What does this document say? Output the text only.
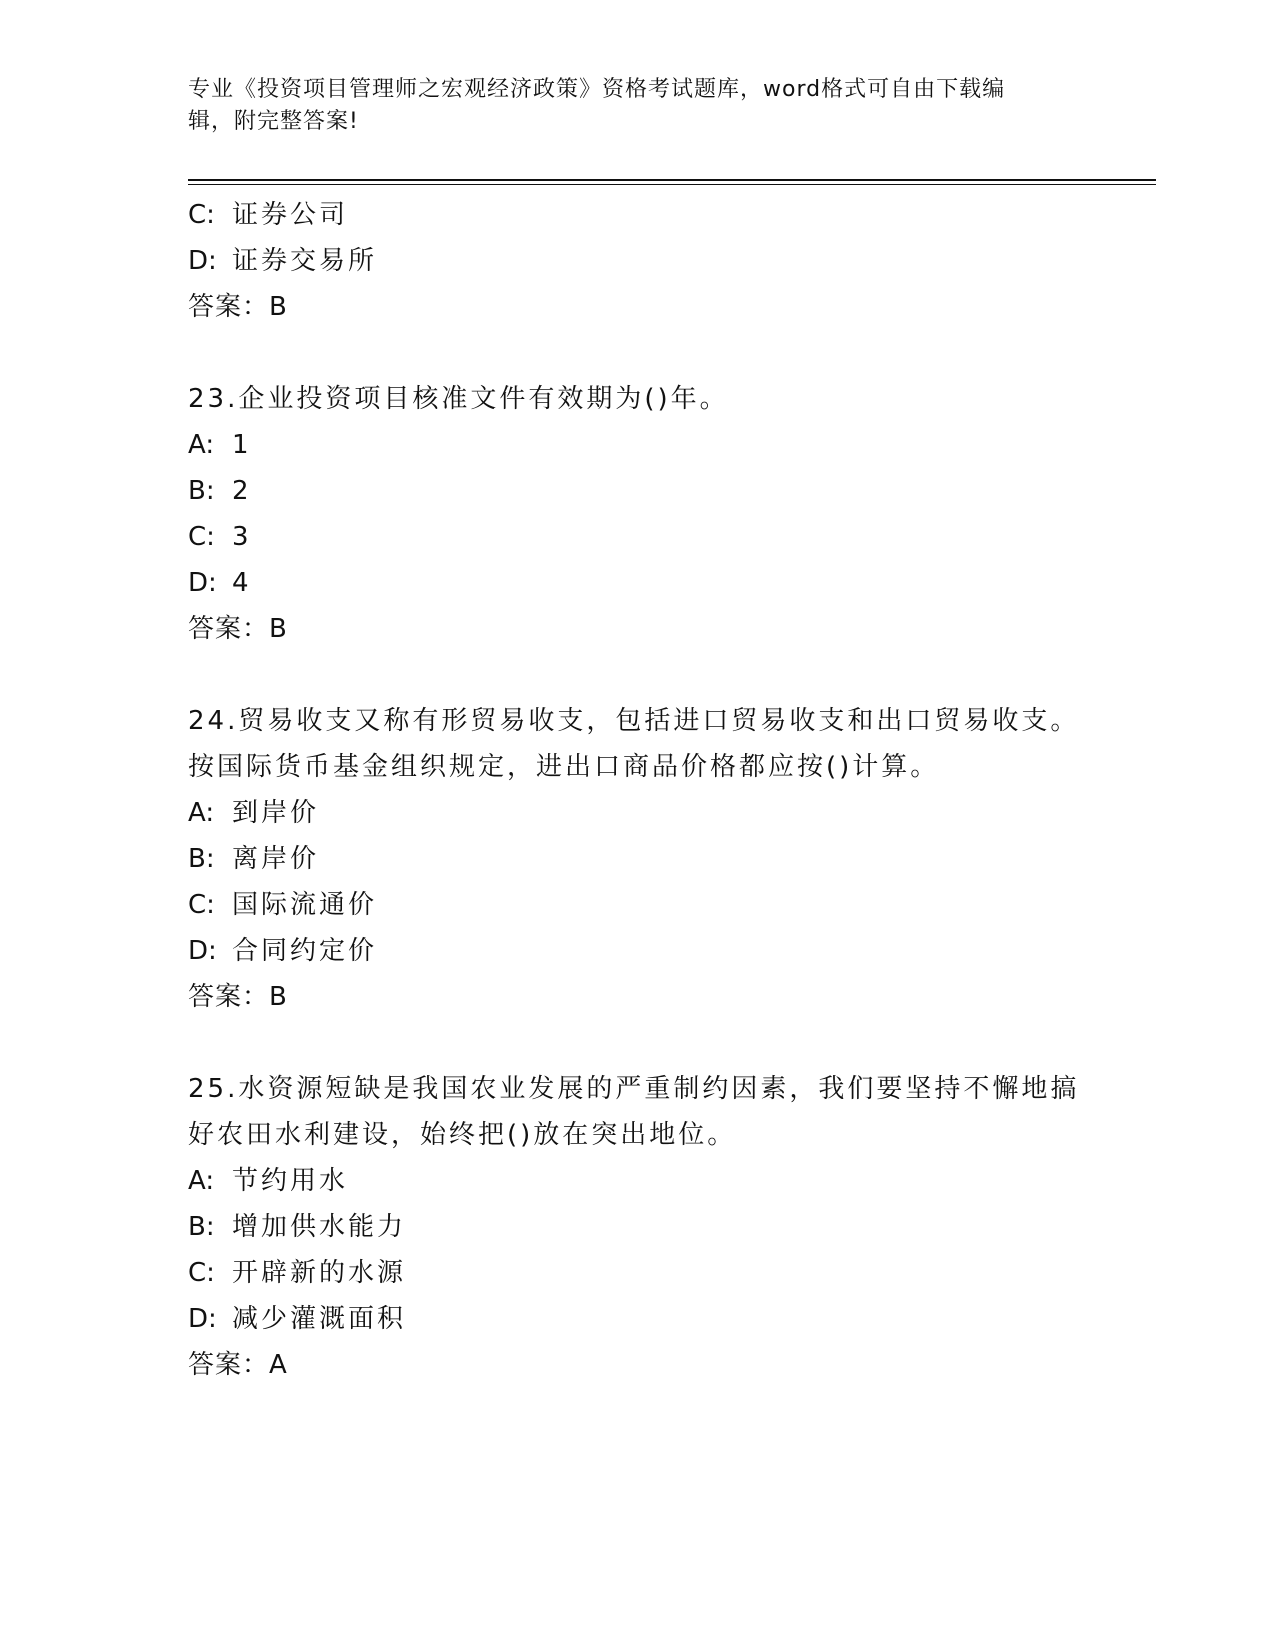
专业《投资项目管理师之宏观经济政策》资格考试题库，word格式可自由下载编
辑，附完整答案!
C: 证券公司
D: 证券交易所
答案：B
23.企业投资项目核准文件有效期为()年。
A: 1
B: 2
C: 3
D: 4
答案：B
24.贸易收支又称有形贸易收支，包括进口贸易收支和出口贸易收支。
按国际货币基金组织规定，进出口商品价格都应按()计算。
A: 到岸价
B: 离岸价
C: 国际流通价
D: 合同约定价
答案：B
25.水资源短缺是我国农业发展的严重制约因素，我们要坚持不懈地搞
好农田水利建设，始终把()放在突出地位。
A: 节约用水
B: 增加供水能力
C: 开辟新的水源
D: 减少灌溉面积
答案：A
